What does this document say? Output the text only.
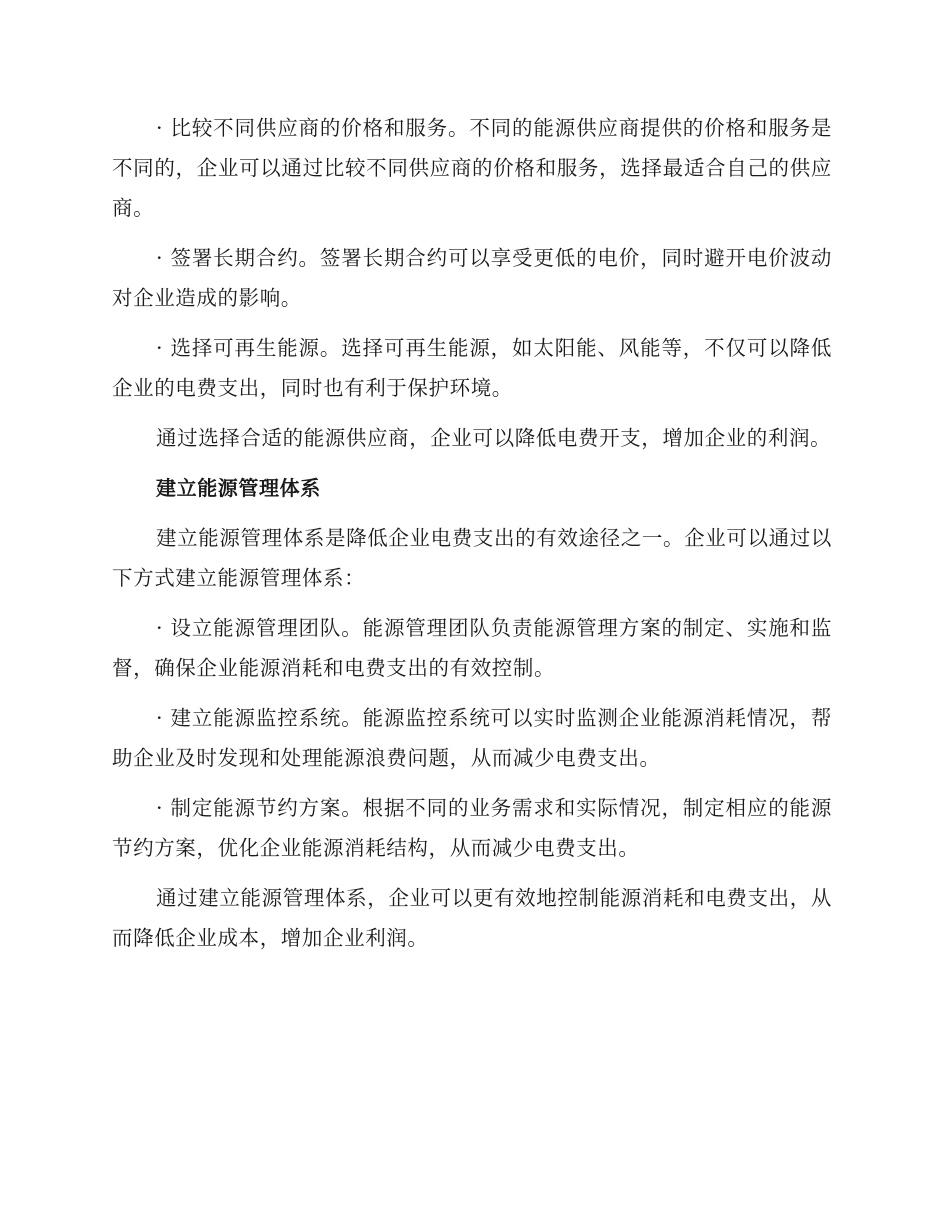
· 比较不同供应商的价格和服务。不同的能源供应商提供的价格和服务是不同的，企业可以通过比较不同供应商的价格和服务，选择最适合自己的供应商。

· 签署长期合约。签署长期合约可以享受更低的电价，同时避开电价波动对企业造成的影响。

· 选择可再生能源。选择可再生能源，如太阳能、风能等，不仅可以降低企业的电费支出，同时也有利于保护环境。

通过选择合适的能源供应商，企业可以降低电费开支，增加企业的利润。

建立能源管理体系

建立能源管理体系是降低企业电费支出的有效途径之一。企业可以通过以下方式建立能源管理体系：

· 设立能源管理团队。能源管理团队负责能源管理方案的制定、实施和监督，确保企业能源消耗和电费支出的有效控制。

· 建立能源监控系统。能源监控系统可以实时监测企业能源消耗情况，帮助企业及时发现和处理能源浪费问题，从而减少电费支出。

· 制定能源节约方案。根据不同的业务需求和实际情况，制定相应的能源节约方案，优化企业能源消耗结构，从而减少电费支出。

通过建立能源管理体系，企业可以更有效地控制能源消耗和电费支出，从而降低企业成本，增加企业利润。
